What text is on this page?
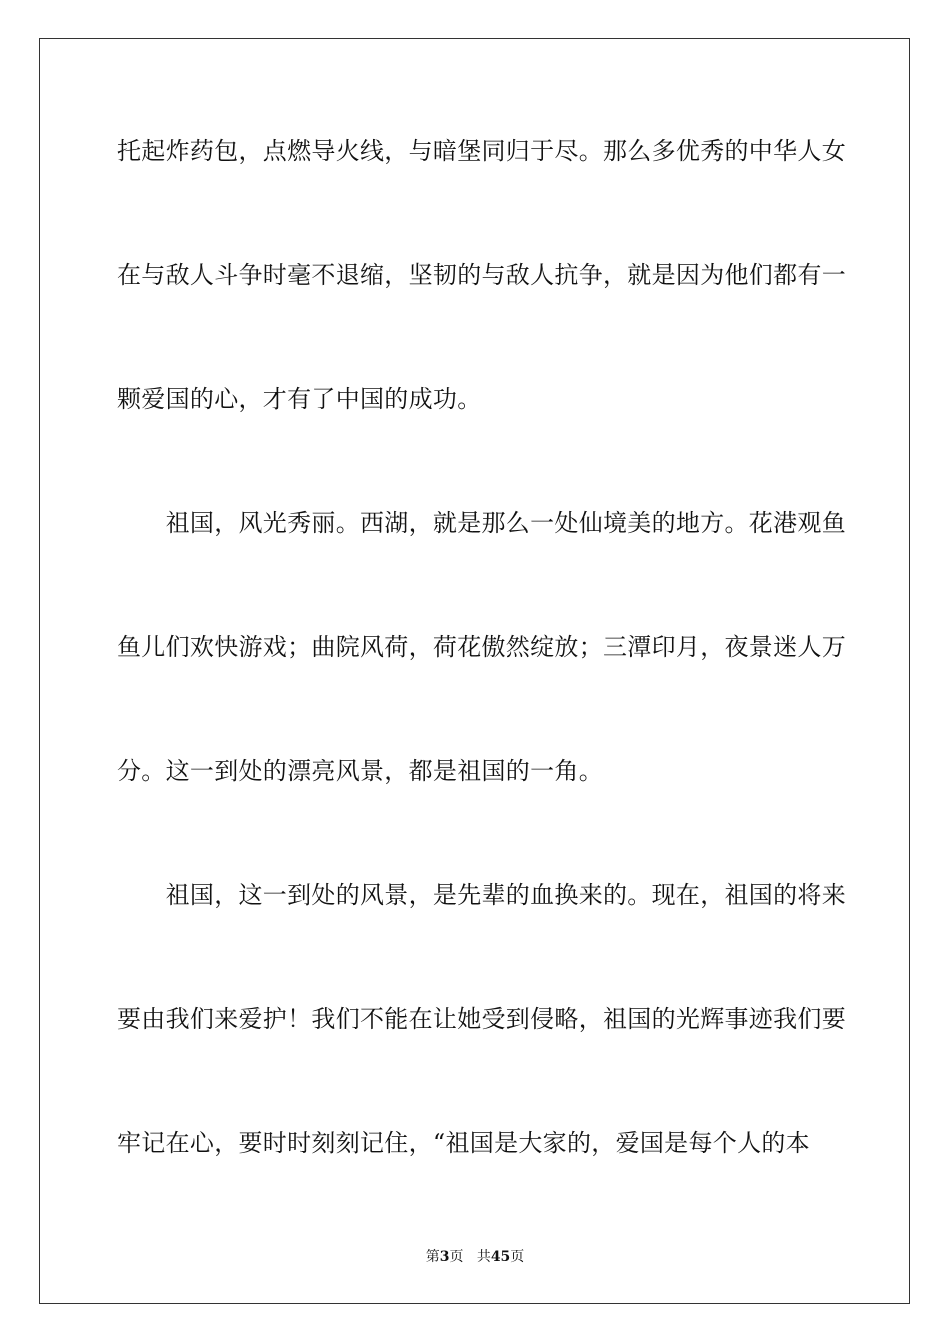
托起炸药包，点燃导火线，与暗堡同归于尽。那么多优秀的中华人女
在与敌人斗争时毫不退缩，坚韧的与敌人抗争，就是因为他们都有一
颗爱国的心，才有了中国的成功。
　　祖国，风光秀丽。西湖，就是那么一处仙境美的地方。花港观鱼
鱼儿们欢快游戏；曲院风荷，荷花傲然绽放；三潭印月，夜景迷人万
分。这一到处的漂亮风景，都是祖国的一角。
　　祖国，这一到处的风景，是先辈的血换来的。现在，祖国的将来
要由我们来爱护！我们不能在让她受到侵略，祖国的光辉事迹我们要
牢记在心，要时时刻刻记住，“祖国是大家的，爱国是每个人的本
第3页 共45页
